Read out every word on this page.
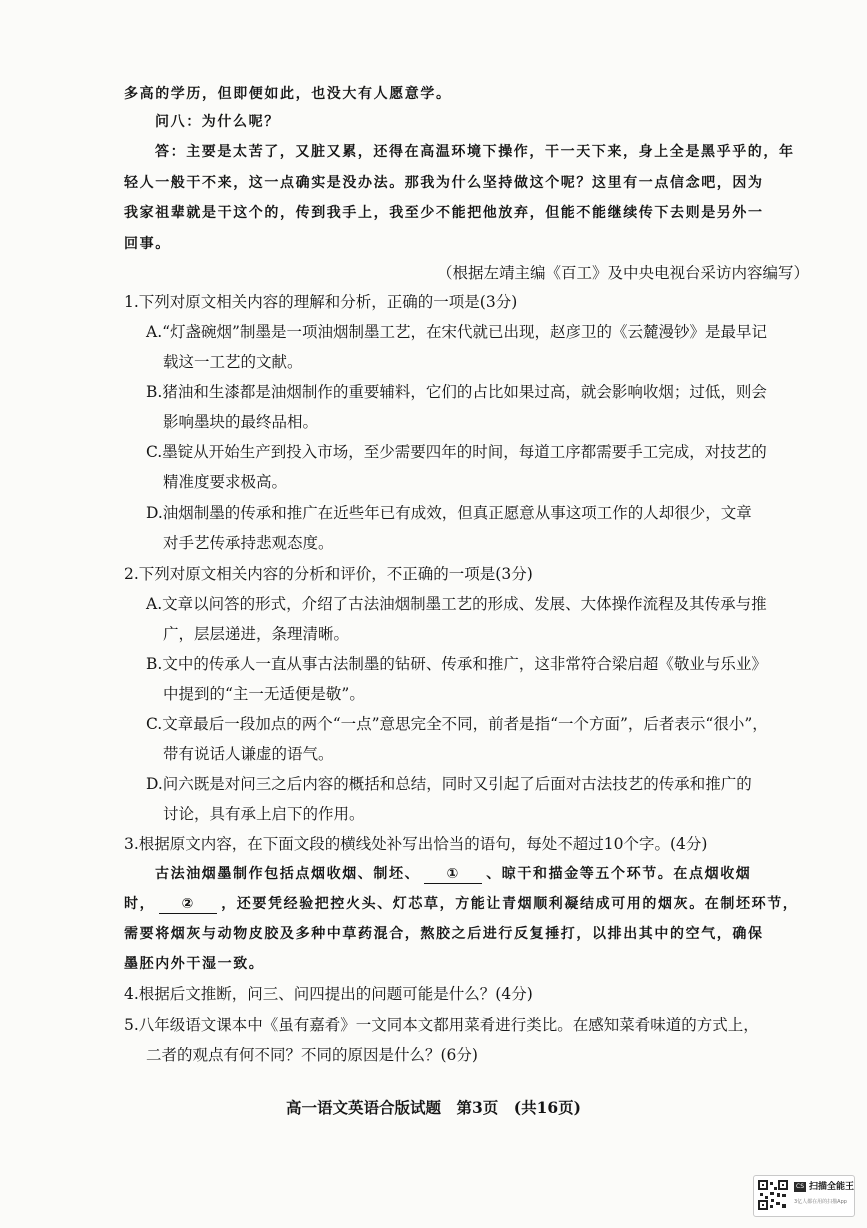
多高的学历，但即便如此，也没大有人愿意学。
问八：为什么呢？
答：主要是太苦了，又脏又累，还得在高温环境下操作，干一天下来，身上全是黑乎乎的，年
轻人一般干不来，这一点确实是没办法。那我为什么坚持做这个呢？这里有一点信念吧，因为
我家祖辈就是干这个的，传到我手上，我至少不能把他放弃，但能不能继续传下去则是另外一
回事。
（根据左靖主编《百工》及中央电视台采访内容编写）
1.下列对原文相关内容的理解和分析，正确的一项是(3分)
A.“灯盏碗烟”制墨是一项油烟制墨工艺，在宋代就已出现，赵彦卫的《云麓漫钞》是最早记
载这一工艺的文献。
B.猪油和生漆都是油烟制作的重要辅料，它们的占比如果过高，就会影响收烟；过低，则会
影响墨块的最终品相。
C.墨锭从开始生产到投入市场，至少需要四年的时间，每道工序都需要手工完成，对技艺的
精准度要求极高。
D.油烟制墨的传承和推广在近些年已有成效，但真正愿意从事这项工作的人却很少，文章
对手艺传承持悲观态度。
2.下列对原文相关内容的分析和评价，不正确的一项是(3分)
A.文章以问答的形式，介绍了古法油烟制墨工艺的形成、发展、大体操作流程及其传承与推
广，层层递进，条理清晰。
B.文中的传承人一直从事古法制墨的钻研、传承和推广，这非常符合梁启超《敬业与乐业》
中提到的“主一无适便是敬”。
C.文章最后一段加点的两个“一点”意思完全不同，前者是指“一个方面”，后者表示“很小”，
带有说话人谦虚的语气。
D.问六既是对问三之后内容的概括和总结，同时又引起了后面对古法技艺的传承和推广的
讨论，具有承上启下的作用。
3.根据原文内容，在下面文段的横线处补写出恰当的语句，每处不超过10个字。(4分)
古法油烟墨制作包括点烟收烟、制坯、 ① 、晾干和描金等五个环节。在点烟收烟
时， ② ，还要凭经验把控火头、灯芯草，方能让青烟顺利凝结成可用的烟灰。在制坯环节，
需要将烟灰与动物皮胶及多种中草药混合，熬胶之后进行反复捶打，以排出其中的空气，确保
墨胚内外干湿一致。
4.根据后文推断，问三、问四提出的问题可能是什么？(4分)
5.八年级语文课本中《虽有嘉肴》一文同本文都用菜肴进行类比。在感知菜肴味道的方式上，
二者的观点有何不同？不同的原因是什么？(6分)
高一语文英语合版试题　第3页　(共16页)
CS 扫描全能王
3亿人都在用的扫描App
